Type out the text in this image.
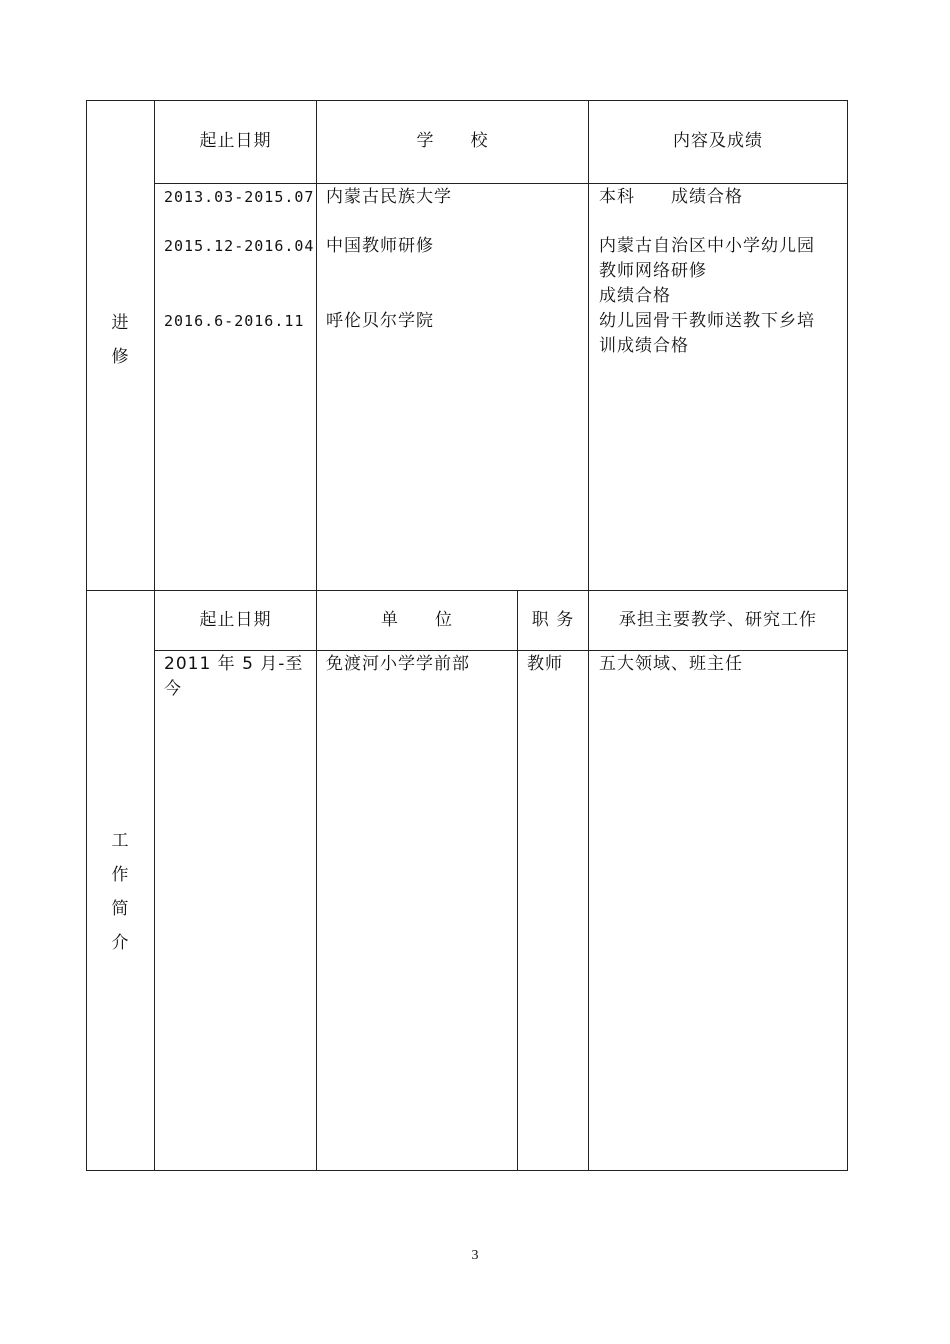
进
修
起止日期	学　　校	内容及成绩
2013.03-2015.07 内蒙古民族大学	本科　　成绩合格
2015.12-2016.04 中国教师研修	内蒙古自治区中小学幼儿园
教师网络研修
成绩合格
2016.6-2016.11 呼伦贝尔学院	幼儿园骨干教师送教下乡培
训成绩合格
工
作
简
介
起止日期	单　　位	职 务	承担主要教学、研究工作
2011 年 5 月-至
今
免渡河小学学前部	教师 五大领域、班主任
3
